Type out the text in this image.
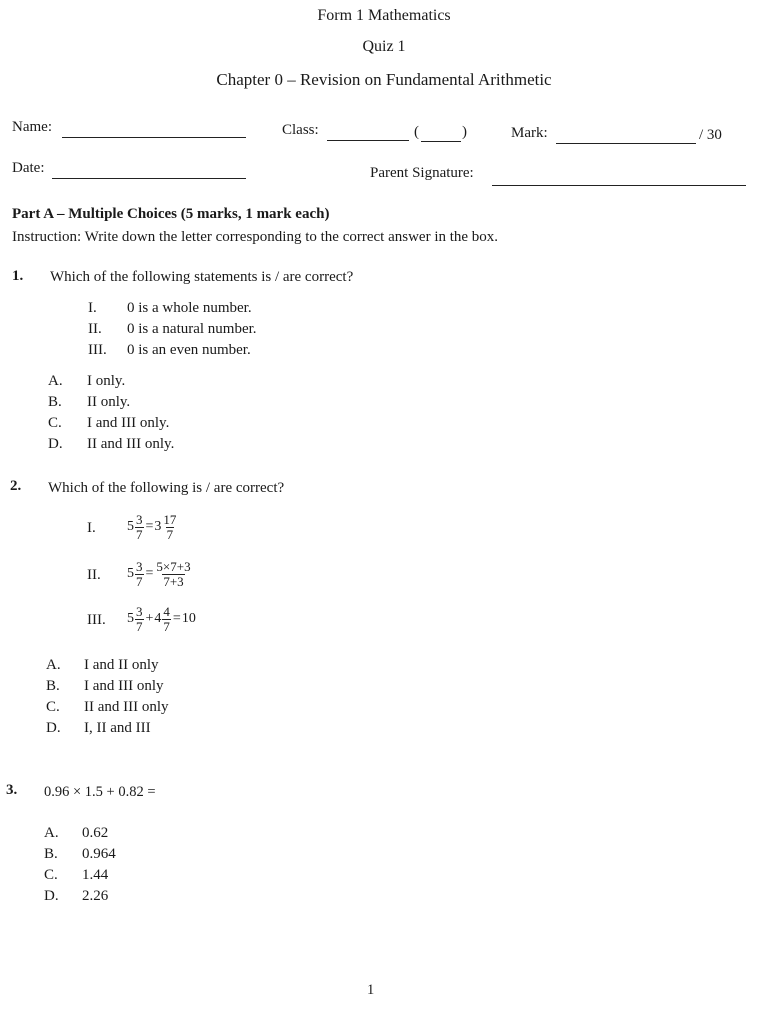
Form 1 Mathematics
Quiz 1
Chapter 0 – Revision on Fundamental Arithmetic
Name:	Class:	(	)	Mark:	/ 30
Date:	Parent Signature:
Part A – Multiple Choices (5 marks, 1 mark each)
Instruction: Write down the letter corresponding to the correct answer in the box.
1. Which of the following statements is / are correct?
I. 0 is a whole number.
II. 0 is a natural number.
III. 0 is an even number.
A. I only.
B. II only.
C. I and III only.
D. II and III only.
2. Which of the following is / are correct?
I. $5 \frac{3}{7} = 3 \frac{17}{7}$
II. $5 \frac{3}{7} = \frac{5\times 7+3}{7+3}$
III. $5 \frac{3}{7} + 4 \frac{4}{7} = 10$
A. I and II only
B. I and III only
C. II and III only
D. I, II and III
3. 0.96 × 1.5 + 0.82 =
A. 0.62
B. 0.964
C. 1.44
D. 2.26
1
